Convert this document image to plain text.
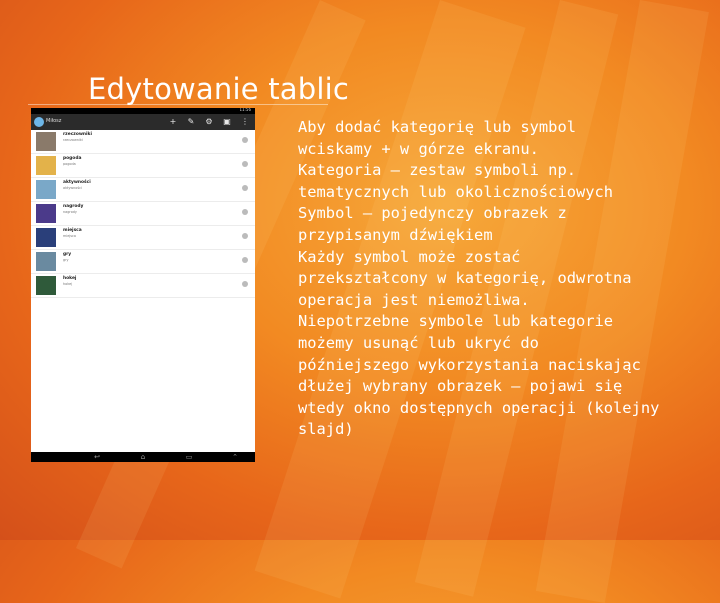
Edytowanie tablic
11:56
Miłosz	+	✎	⚙	▣ ⋮
rzeczowniki
rzeczowniki
pogoda
pogoda
aktywności
aktywności
nagrody
nagrody
miejsca
miejsca
gry
gry
hokej
hokej
↩	⌂	▭	⌃
Aby dodać kategorię lub symbol
wciskamy + w górze ekranu.
Kategoria – zestaw symboli np.
tematycznych lub okolicznościowych
Symbol – pojedynczy obrazek z
przypisanym dźwiękiem
Każdy symbol może zostać
przekształcony w kategorię, odwrotna
operacja jest niemożliwa.
Niepotrzebne symbole lub kategorie
możemy usunąć lub ukryć do
późniejszego wykorzystania naciskając
dłużej wybrany obrazek – pojawi się
wtedy okno dostępnych operacji (kolejny
slajd)
